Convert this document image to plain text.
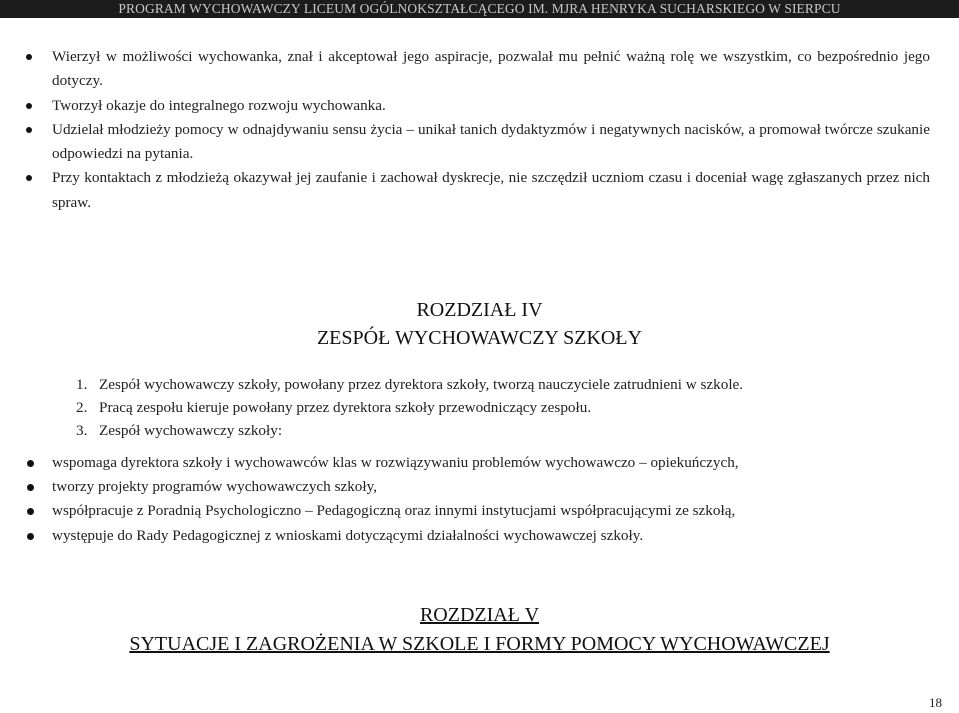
PROGRAM WYCHOWAWCZY LICEUM OGÓLNOKSZTAŁCĄCEGO IM. MJRA HENRYKA SUCHARSKIEGO W SIERPCU
Wierzył w możliwości wychowanka, znał i akceptował jego aspiracje, pozwalał mu pełnić ważną rolę we wszystkim, co bezpośrednio jego dotyczy.
Tworzył okazje do integralnego rozwoju wychowanka.
Udzielał młodzieży pomocy w odnajdywaniu sensu życia – unikał tanich dydaktyzmów i negatywnych nacisków, a promował twórcze szukanie odpowiedzi na pytania.
Przy kontaktach z młodzieżą okazywał jej zaufanie i zachował dyskrecje, nie szczędził uczniom czasu i doceniał wagę zgłaszanych przez nich spraw.
ROZDZIAŁ IV
ZESPÓŁ WYCHOWAWCZY SZKOŁY
1. Zespół wychowawczy szkoły, powołany przez dyrektora szkoły, tworzą nauczyciele zatrudnieni w szkole.
2. Pracą zespołu kieruje powołany przez dyrektora szkoły przewodniczący zespołu.
3. Zespół wychowawczy szkoły:
wspomaga dyrektora szkoły i wychowawców klas w rozwiązywaniu problemów wychowawczo – opiekuńczych,
tworzy projekty programów wychowawczych szkoły,
współpracuje z Poradnią Psychologiczno – Pedagogiczną oraz innymi instytucjami współpracującymi ze szkołą,
występuje do Rady Pedagogicznej z wnioskami dotyczącymi działalności wychowawczej szkoły.
ROZDZIAŁ V
SYTUACJE I ZAGROŻENIA W SZKOLE I FORMY POMOCY WYCHOWAWCZEJ
18
